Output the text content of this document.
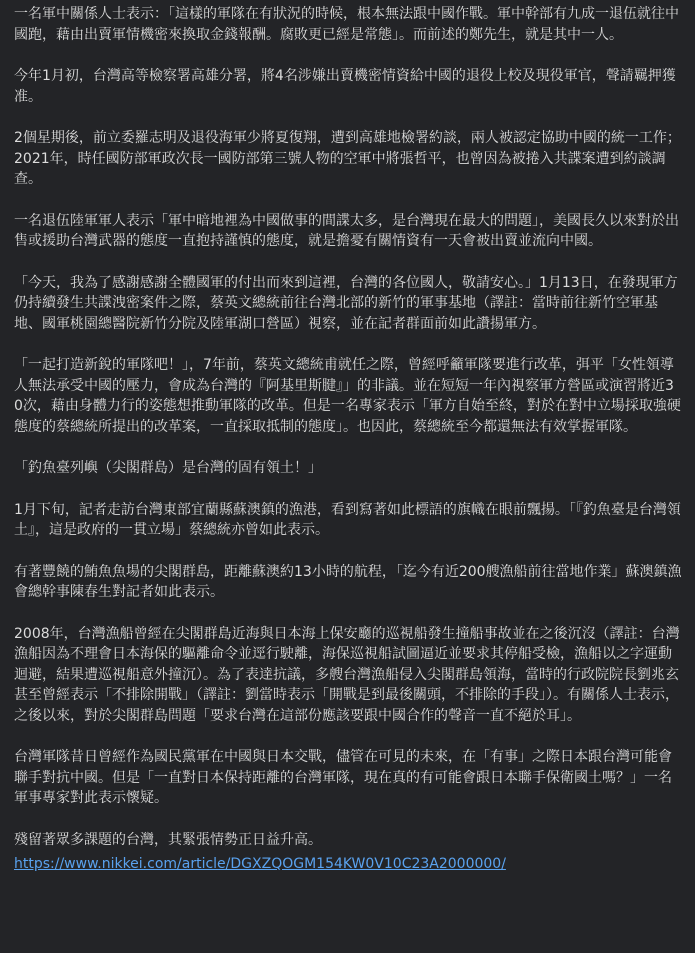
一名軍中關係人士表示：「這樣的軍隊在有狀況的時候，根本無法跟中國作戰。軍中幹部有九成一退伍就往中國跑，藉由出賣軍情機密來換取金錢報酬。腐敗更已經是常態」。而前述的鄭先生，就是其中一人。

今年1月初，台灣高等檢察署高雄分署，將4名涉嫌出賣機密情資給中國的退役上校及現役軍官，聲請羈押獲准。

2個星期後，前立委羅志明及退役海軍少將夏復翔，遭到高雄地檢署約談，兩人被認定協助中國的統一工作；2021年，時任國防部軍政次長一國防部第三號人物的空軍中將張哲平，也曾因為被捲入共諜案遭到約談調查。

一名退伍陸軍軍人表示「軍中暗地裡為中國做事的間諜太多，是台灣現在最大的問題」，美國長久以來對於出售或援助台灣武器的態度一直抱持謹慎的態度，就是擔憂有關情資有一天會被出賣並流向中國。

「今天，我為了感謝感謝全體國軍的付出而來到這裡，台灣的各位國人，敬請安心。」1月13日，在發現軍方仍持續發生共諜洩密案件之際，蔡英文總統前往台灣北部的新竹的軍事基地（譯註：當時前往新竹空軍基地、國軍桃園總醫院新竹分院及陸軍湖口營區）視察，並在記者群面前如此讚揚軍方。

「一起打造新銳的軍隊吧！」，7年前，蔡英文總統甫就任之際，曾經呼籲軍隊要進行改革，弭平「女性領導人無法承受中國的壓力，會成為台灣的『阿基里斯腱』」的非議。並在短短一年內視察軍方營區或演習將近30次，藉由身體力行的姿態想推動軍隊的改革。但是一名專家表示「軍方自始至終，對於在對中立場採取強硬態度的蔡總統所提出的改革案，一直採取抵制的態度」。也因此，蔡總統至今都還無法有效掌握軍隊。

「釣魚臺列嶼（尖閣群島）是台灣的固有領土！」

1月下旬，記者走訪台灣東部宜蘭縣蘇澳鎮的漁港，看到寫著如此標語的旗幟在眼前飄揚。「『釣魚臺是台灣領土』，這是政府的一貫立場」蔡總統亦曾如此表示。

有著豐饒的鮪魚魚場的尖閣群島，距離蘇澳約13小時的航程，「迄今有近200艘漁船前往當地作業」蘇澳鎮漁會總幹事陳春生對記者如此表示。

2008年，台灣漁船曾經在尖閣群島近海與日本海上保安廳的巡視船發生撞船事故並在之後沉沒（譯註：台灣漁船因為不理會日本海保的驅離命令並逕行駛離，海保巡視船試圖逼近並要求其停船受檢，漁船以之字運動迴避，結果遭巡視船意外撞沉）。為了表達抗議，多艘台灣漁船侵入尖閣群島領海，當時的行政院院長劉兆玄甚至曾經表示「不排除開戰」（譯註：劉當時表示「開戰是到最後關頭，不排除的手段」）。有關係人士表示，之後以來，對於尖閣群島問題「要求台灣在這部份應該要跟中國合作的聲音一直不絕於耳」。

台灣軍隊昔日曾經作為國民黨軍在中國與日本交戰，儘管在可見的未來，在「有事」之際日本跟台灣可能會聯手對抗中國。但是「一直對日本保持距離的台灣軍隊，現在真的有可能會跟日本聯手保衛國土嗎？」一名軍事專家對此表示懷疑。

殘留著眾多課題的台灣，其緊張情勢正日益升高。

https://www.nikkei.com/article/DGXZQOGM154KW0V10C23A2000000/
